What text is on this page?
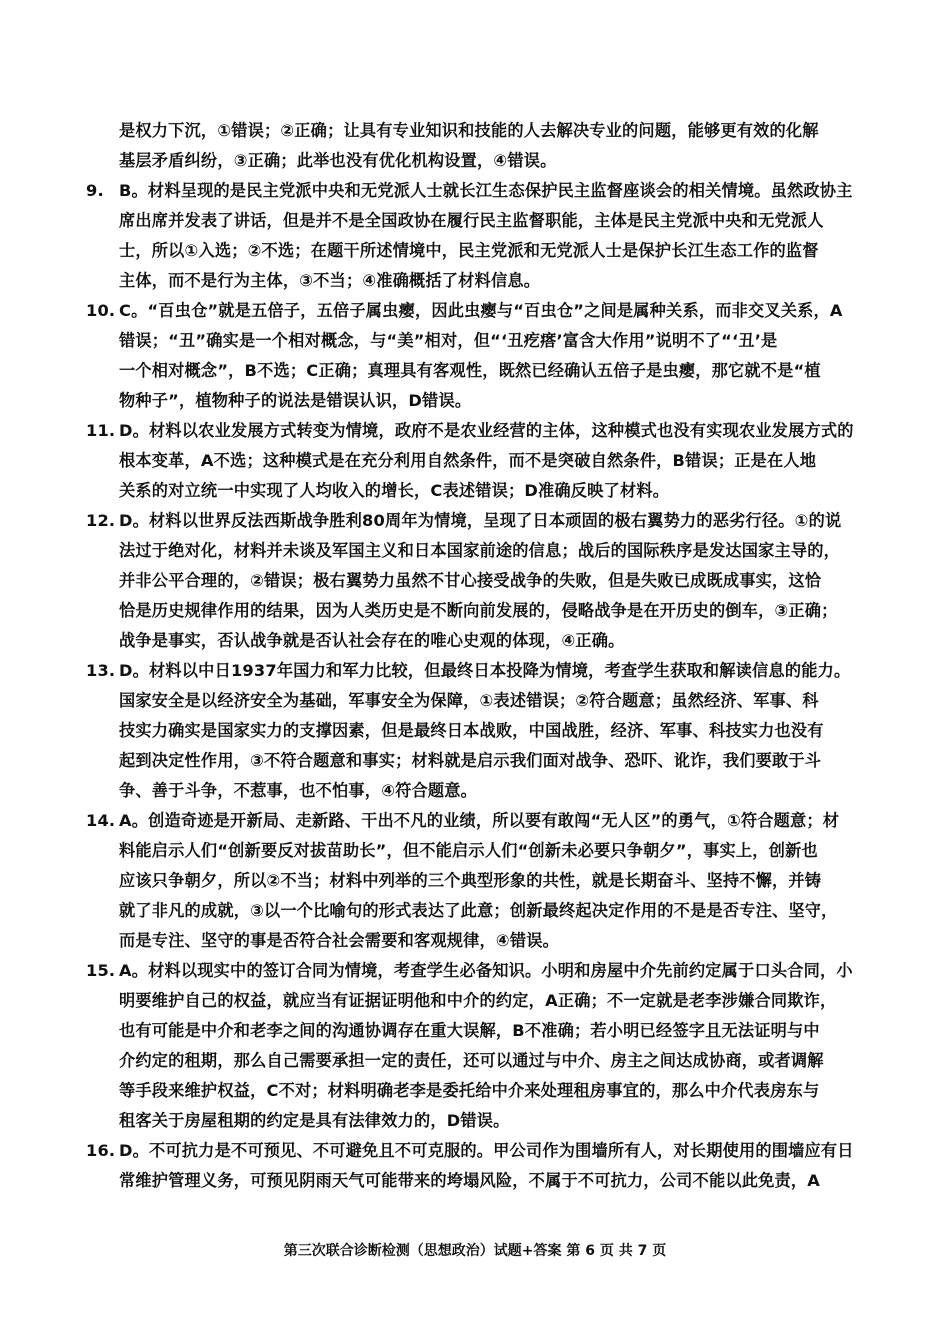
是权力下沉，①错误；②正确；让具有专业知识和技能的人去解决专业的问题，能够更有效的化解
基层矛盾纠纷，③正确；此举也没有优化机构设置，④错误。
9. B。材料呈现的是民主党派中央和无党派人士就长江生态保护民主监督座谈会的相关情境。虽然政协主
席出席并发表了讲话，但是并不是全国政协在履行民主监督职能，主体是民主党派中央和无党派人
士，所以①入选；②不选；在题干所述情境中，民主党派和无党派人士是保护长江生态工作的监督
主体，而不是行为主体，③不当；④准确概括了材料信息。
10. C。“百虫仓”就是五倍子，五倍子属虫瘿，因此虫瘿与“百虫仓”之间是属种关系，而非交叉关系，A
错误；“丑”确实是一个相对概念，与“美”相对，但“‘丑疙瘩’富含大作用”说明不了“‘丑’是
一个相对概念”，B不选；C正确；真理具有客观性，既然已经确认五倍子是虫瘿，那它就不是“植
物种子”，植物种子的说法是错误认识，D错误。
11. D。材料以农业发展方式转变为情境，政府不是农业经营的主体，这种模式也没有实现农业发展方式的
根本变革，A不选；这种模式是在充分利用自然条件，而不是突破自然条件，B错误；正是在人地
关系的对立统一中实现了人均收入的增长，C表述错误；D准确反映了材料。
12. D。材料以世界反法西斯战争胜利80周年为情境，呈现了日本顽固的极右翼势力的恶劣行径。①的说
法过于绝对化，材料并未谈及军国主义和日本国家前途的信息；战后的国际秩序是发达国家主导的，
并非公平合理的，②错误；极右翼势力虽然不甘心接受战争的失败，但是失败已成既成事实，这恰
恰是历史规律作用的结果，因为人类历史是不断向前发展的，侵略战争是在开历史的倒车，③正确；
战争是事实，否认战争就是否认社会存在的唯心史观的体现，④正确。
13. D。材料以中日1937年国力和军力比较，但最终日本投降为情境，考查学生获取和解读信息的能力。
国家安全是以经济安全为基础，军事安全为保障，①表述错误；②符合题意；虽然经济、军事、科
技实力确实是国家实力的支撑因素，但是最终日本战败，中国战胜，经济、军事、科技实力也没有
起到决定性作用，③不符合题意和事实；材料就是启示我们面对战争、恐吓、讹诈，我们要敢于斗
争、善于斗争，不惹事，也不怕事，④符合题意。
14. A。创造奇迹是开新局、走新路、干出不凡的业绩，所以要有敢闯“无人区”的勇气，①符合题意；材
料能启示人们“创新要反对拔苗助长”，但不能启示人们“创新未必要只争朝夕”，事实上，创新也
应该只争朝夕，所以②不当；材料中列举的三个典型形象的共性，就是长期奋斗、坚持不懈，并铸
就了非凡的成就，③以一个比喻句的形式表达了此意；创新最终起决定作用的不是是否专注、坚守，
而是专注、坚守的事是否符合社会需要和客观规律，④错误。
15. A。材料以现实中的签订合同为情境，考查学生必备知识。小明和房屋中介先前约定属于口头合同，小
明要维护自己的权益，就应当有证据证明他和中介的约定，A正确；不一定就是老李涉嫌合同欺诈，
也有可能是中介和老李之间的沟通协调存在重大误解，B不准确；若小明已经签字且无法证明与中
介约定的租期，那么自己需要承担一定的责任，还可以通过与中介、房主之间达成协商，或者调解
等手段来维护权益，C不对；材料明确老李是委托给中介来处理租房事宜的，那么中介代表房东与
租客关于房屋租期的约定是具有法律效力的，D错误。
16. D。不可抗力是不可预见、不可避免且不可克服的。甲公司作为围墙所有人，对长期使用的围墙应有日
常维护管理义务，可预见阴雨天气可能带来的垮塌风险，不属于不可抗力，公司不能以此免责，A
第三次联合诊断检测（思想政治）试题+答案 第 6 页 共 7 页
